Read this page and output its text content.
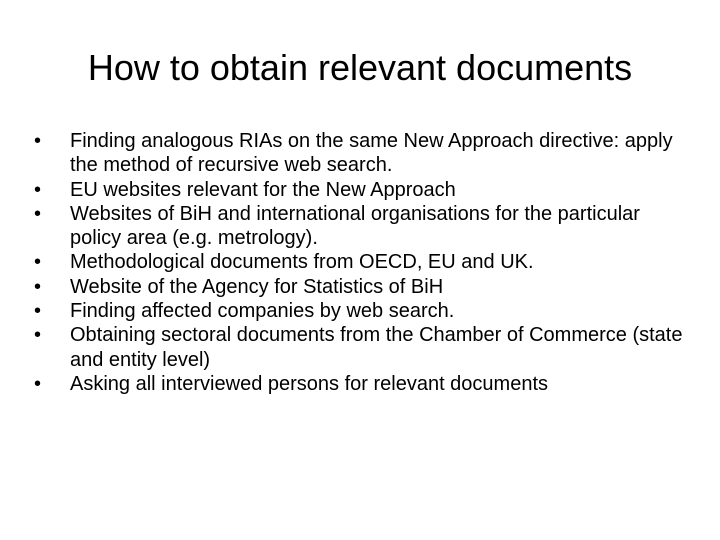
How to obtain relevant documents
•	Finding analogous RIAs on the same New Approach directive: apply the method of recursive web search.
•	EU websites relevant for the New Approach
•	Websites of BiH and international organisations for the particular policy area (e.g. metrology).
•	Methodological documents from OECD, EU and UK.
•	Website of the Agency for Statistics of BiH
•	Finding affected companies by web search.
•	Obtaining sectoral documents from the Chamber of Commerce (state and entity level)
•	Asking all interviewed persons for relevant documents
